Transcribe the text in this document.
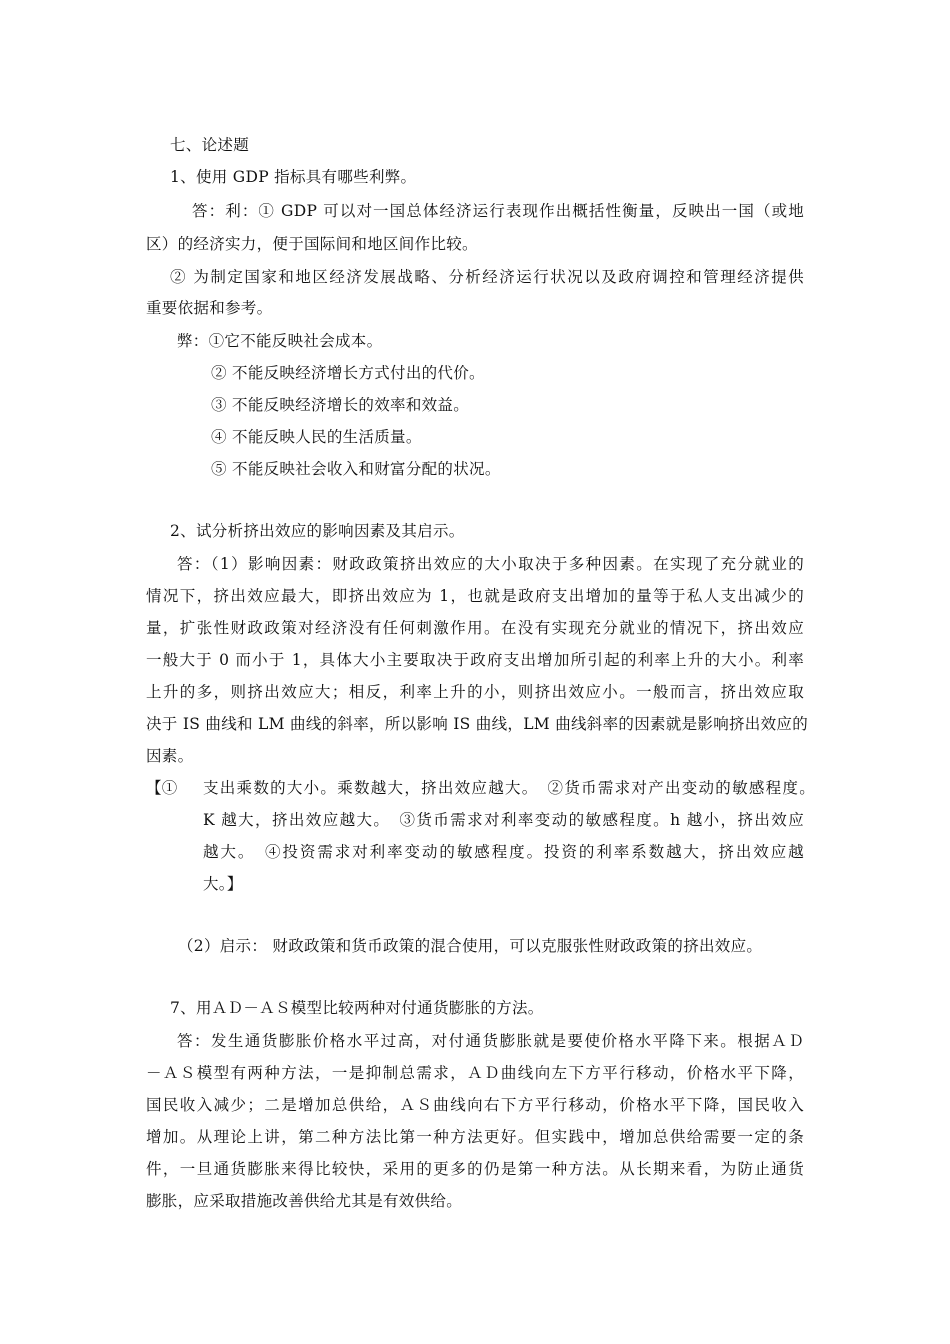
七、论述题

1、使用 GDP 指标具有哪些利弊。

答：利：① GDP 可以对一国总体经济运行表现作出概括性衡量，反映出一国（或地

区）的经济实力，便于国际间和地区间作比较。

② 为制定国家和地区经济发展战略、分析经济运行状况以及政府调控和管理经济提供

重要依据和参考。

弊：①它不能反映社会成本。

② 不能反映经济增长方式付出的代价。

③ 不能反映经济增长的效率和效益。

④ 不能反映人民的生活质量。

⑤ 不能反映社会收入和财富分配的状况。

2、试分析挤出效应的影响因素及其启示。

答：（1）影响因素：财政政策挤出效应的大小取决于多种因素。在实现了充分就业的

情况下，挤出效应最大，即挤出效应为 1，也就是政府支出增加的量等于私人支出减少的

量，扩张性财政政策对经济没有任何刺激作用。在没有实现充分就业的情况下，挤出效应

一般大于 0 而小于 1，具体大小主要取决于政府支出增加所引起的利率上升的大小。利率

上升的多，则挤出效应大；相反，利率上升的小，则挤出效应小。一般而言，挤出效应取

决于 IS 曲线和 LM 曲线的斜率，所以影响 IS 曲线，LM 曲线斜率的因素就是影响挤出效应的

因素。

【① 支出乘数的大小。乘数越大，挤出效应越大。　②货币需求对产出变动的敏感程度。

K 越大，挤出效应越大。　③货币需求对利率变动的敏感程度。h 越小，挤出效应

越大。　④投资需求对利率变动的敏感程度。投资的利率系数越大，挤出效应越

大。】

（2）启示： 财政政策和货币政策的混合使用，可以克服张性财政政策的挤出效应。

7、用ＡＤ－ＡＳ模型比较两种对付通货膨胀的方法。

答：发生通货膨胀价格水平过高，对付通货膨胀就是要使价格水平降下来。根据ＡＤ

－ＡＳ模型有两种方法，一是抑制总需求，ＡＤ曲线向左下方平行移动，价格水平下降，

国民收入减少；二是增加总供给，ＡＳ曲线向右下方平行移动，价格水平下降，国民收入

增加。从理论上讲，第二种方法比第一种方法更好。但实践中，增加总供给需要一定的条

件，一旦通货膨胀来得比较快，采用的更多的仍是第一种方法。从长期来看，为防止通货

膨胀，应采取措施改善供给尤其是有效供给。
